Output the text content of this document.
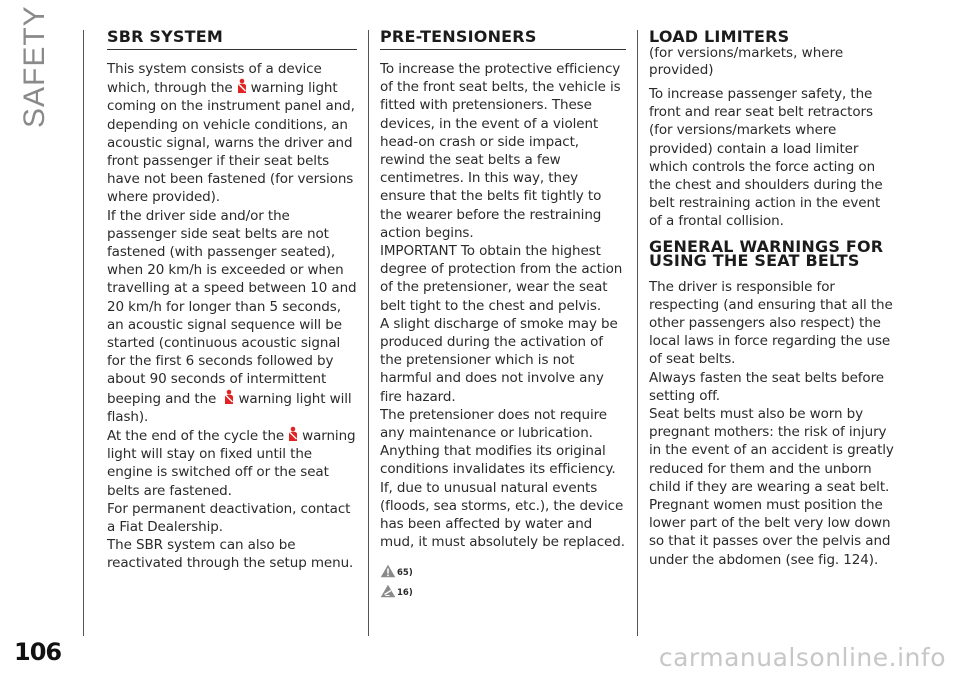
SAFETY	SBR SYSTEM

This system consists of a device which, through the warning light coming on the instrument panel and, depending on vehicle conditions, an acoustic signal, warns the driver and front passenger if their seat belts have not been fastened (for versions where provided).

If the driver side and/or the passenger side seat belts are not fastened (with passenger seated), when 20 km/h is exceeded or when travelling at a speed between 10 and 20 km/h for longer than 5 seconds, an acoustic signal sequence will be started (continuous acoustic signal for the first 6 seconds followed by about 90 seconds of intermittent beeping and the warning light will flash).

At the end of the cycle the warning light will stay on fixed until the engine is switched off or the seat belts are fastened.

For permanent deactivation, contact a Fiat Dealership.

The SBR system can also be reactivated through the setup menu.

PRE-TENSIONERS

To increase the protective efficiency of the front seat belts, the vehicle is fitted with pretensioners. These devices, in the event of a violent head-on crash or side impact, rewind the seat belts a few centimetres. In this way, they ensure that the belts fit tightly to the wearer before the restraining action begins.

IMPORTANT To obtain the highest degree of protection from the action of the pretensioner, wear the seat belt tight to the chest and pelvis.

A slight discharge of smoke may be produced during the activation of the pretensioner which is not harmful and does not involve any fire hazard.

The pretensioner does not require any maintenance or lubrication. Anything that modifies its original conditions invalidates its efficiency. If, due to unusual natural events (floods, sea storms, etc.), the device has been affected by water and mud, it must absolutely be replaced.

65)
16)
LOAD LIMITERS

(for versions/markets, where provided)

To increase passenger safety, the front and rear seat belt retractors (for versions/markets where provided) contain a load limiter which controls the force acting on the chest and shoulders during the belt restraining action in the event of a frontal collision.

GENERAL WARNINGS FOR USING THE SEAT BELTS

The driver is responsible for respecting (and ensuring that all the other passengers also respect) the local laws in force regarding the use of seat belts.

Always fasten the seat belts before setting off.

Seat belts must also be worn by pregnant mothers: the risk of injury in the event of an accident is greatly reduced for them and the unborn child if they are wearing a seat belt. Pregnant women must position the lower part of the belt very low down so that it passes over the pelvis and under the abdomen (see fig. 124).

106	carmanualsonline.info
